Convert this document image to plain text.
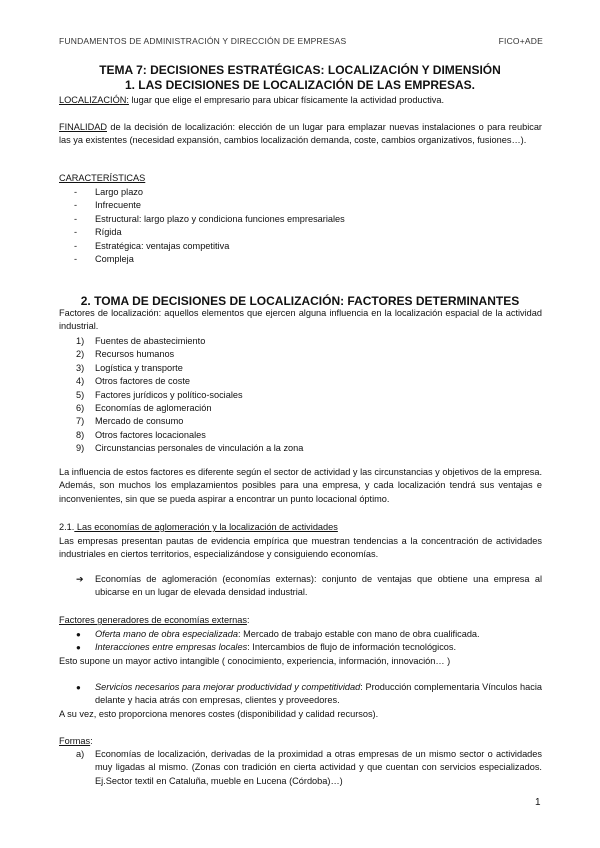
FUNDAMENTOS DE ADMINISTRACIÓN Y DIRECCIÓN DE EMPRESAS	FICO+ADE
TEMA 7: DECISIONES ESTRATÉGICAS: LOCALIZACIÓN Y DIMENSIÓN
1. LAS DECISIONES DE LOCALIZACIÓN DE LAS EMPRESAS.
LOCALIZACIÓN: lugar que elige el empresario para ubicar físicamente la actividad productiva.
FINALIDAD de la decisión de localización: elección de un lugar para emplazar nuevas instalaciones o para reubicar las ya existentes (necesidad expansión, cambios localización demanda, coste, cambios organizativos, fusiones…).
CARACTERÍSTICAS
- Largo plazo
- Infrecuente
- Estructural: largo plazo y condiciona funciones empresariales
- Rígida
- Estratégica: ventajas competitiva
- Compleja
2. TOMA DE DECISIONES DE LOCALIZACIÓN: FACTORES DETERMINANTES
Factores de localización: aquellos elementos que ejercen alguna influencia en la localización espacial de la actividad industrial.
1) Fuentes de abastecimiento
2) Recursos humanos
3) Logística y transporte
4) Otros factores de coste
5) Factores jurídicos y político-sociales
6) Economías de aglomeración
7) Mercado de consumo
8) Otros factores locacionales
9) Circunstancias personales de vinculación a la zona
La influencia de estos factores es diferente según el sector de actividad y las circunstancias y objetivos de la empresa. Además, son muchos los emplazamientos posibles para una empresa, y cada localización tendrá sus ventajas e inconvenientes, sin que se pueda aspirar a encontrar un punto locacional óptimo.
2.1. Las economías de aglomeración y la localización de actividades
Las empresas presentan pautas de evidencia empírica que muestran tendencias a la concentración de actividades industriales en ciertos territorios, especializándose y consiguiendo economías.
➔ Economías de aglomeración (economías externas): conjunto de ventajas que obtiene una empresa al ubicarse en un lugar de elevada densidad industrial.
Factores generadores de economías externas:
● Oferta mano de obra especializada: Mercado de trabajo estable con mano de obra cualificada.
● Interacciones entre empresas locales: Intercambios de flujo de información tecnológicos.
Esto supone un mayor activo intangible ( conocimiento, experiencia, información, innovación… )
● Servicios necesarios para mejorar productividad y competitividad: Producción complementaria Vínculos hacia delante y hacia atrás con empresas, clientes y proveedores.
A su vez, esto proporciona menores costes (disponibilidad y calidad recursos).
Formas:
a) Economías de localización, derivadas de la proximidad a otras empresas de un mismo sector o actividades muy ligadas al mismo. (Zonas con tradición en cierta actividad y que cuentan con servicios especializados. Ej.Sector textil en Cataluña, mueble en Lucena (Córdoba)…)
1
